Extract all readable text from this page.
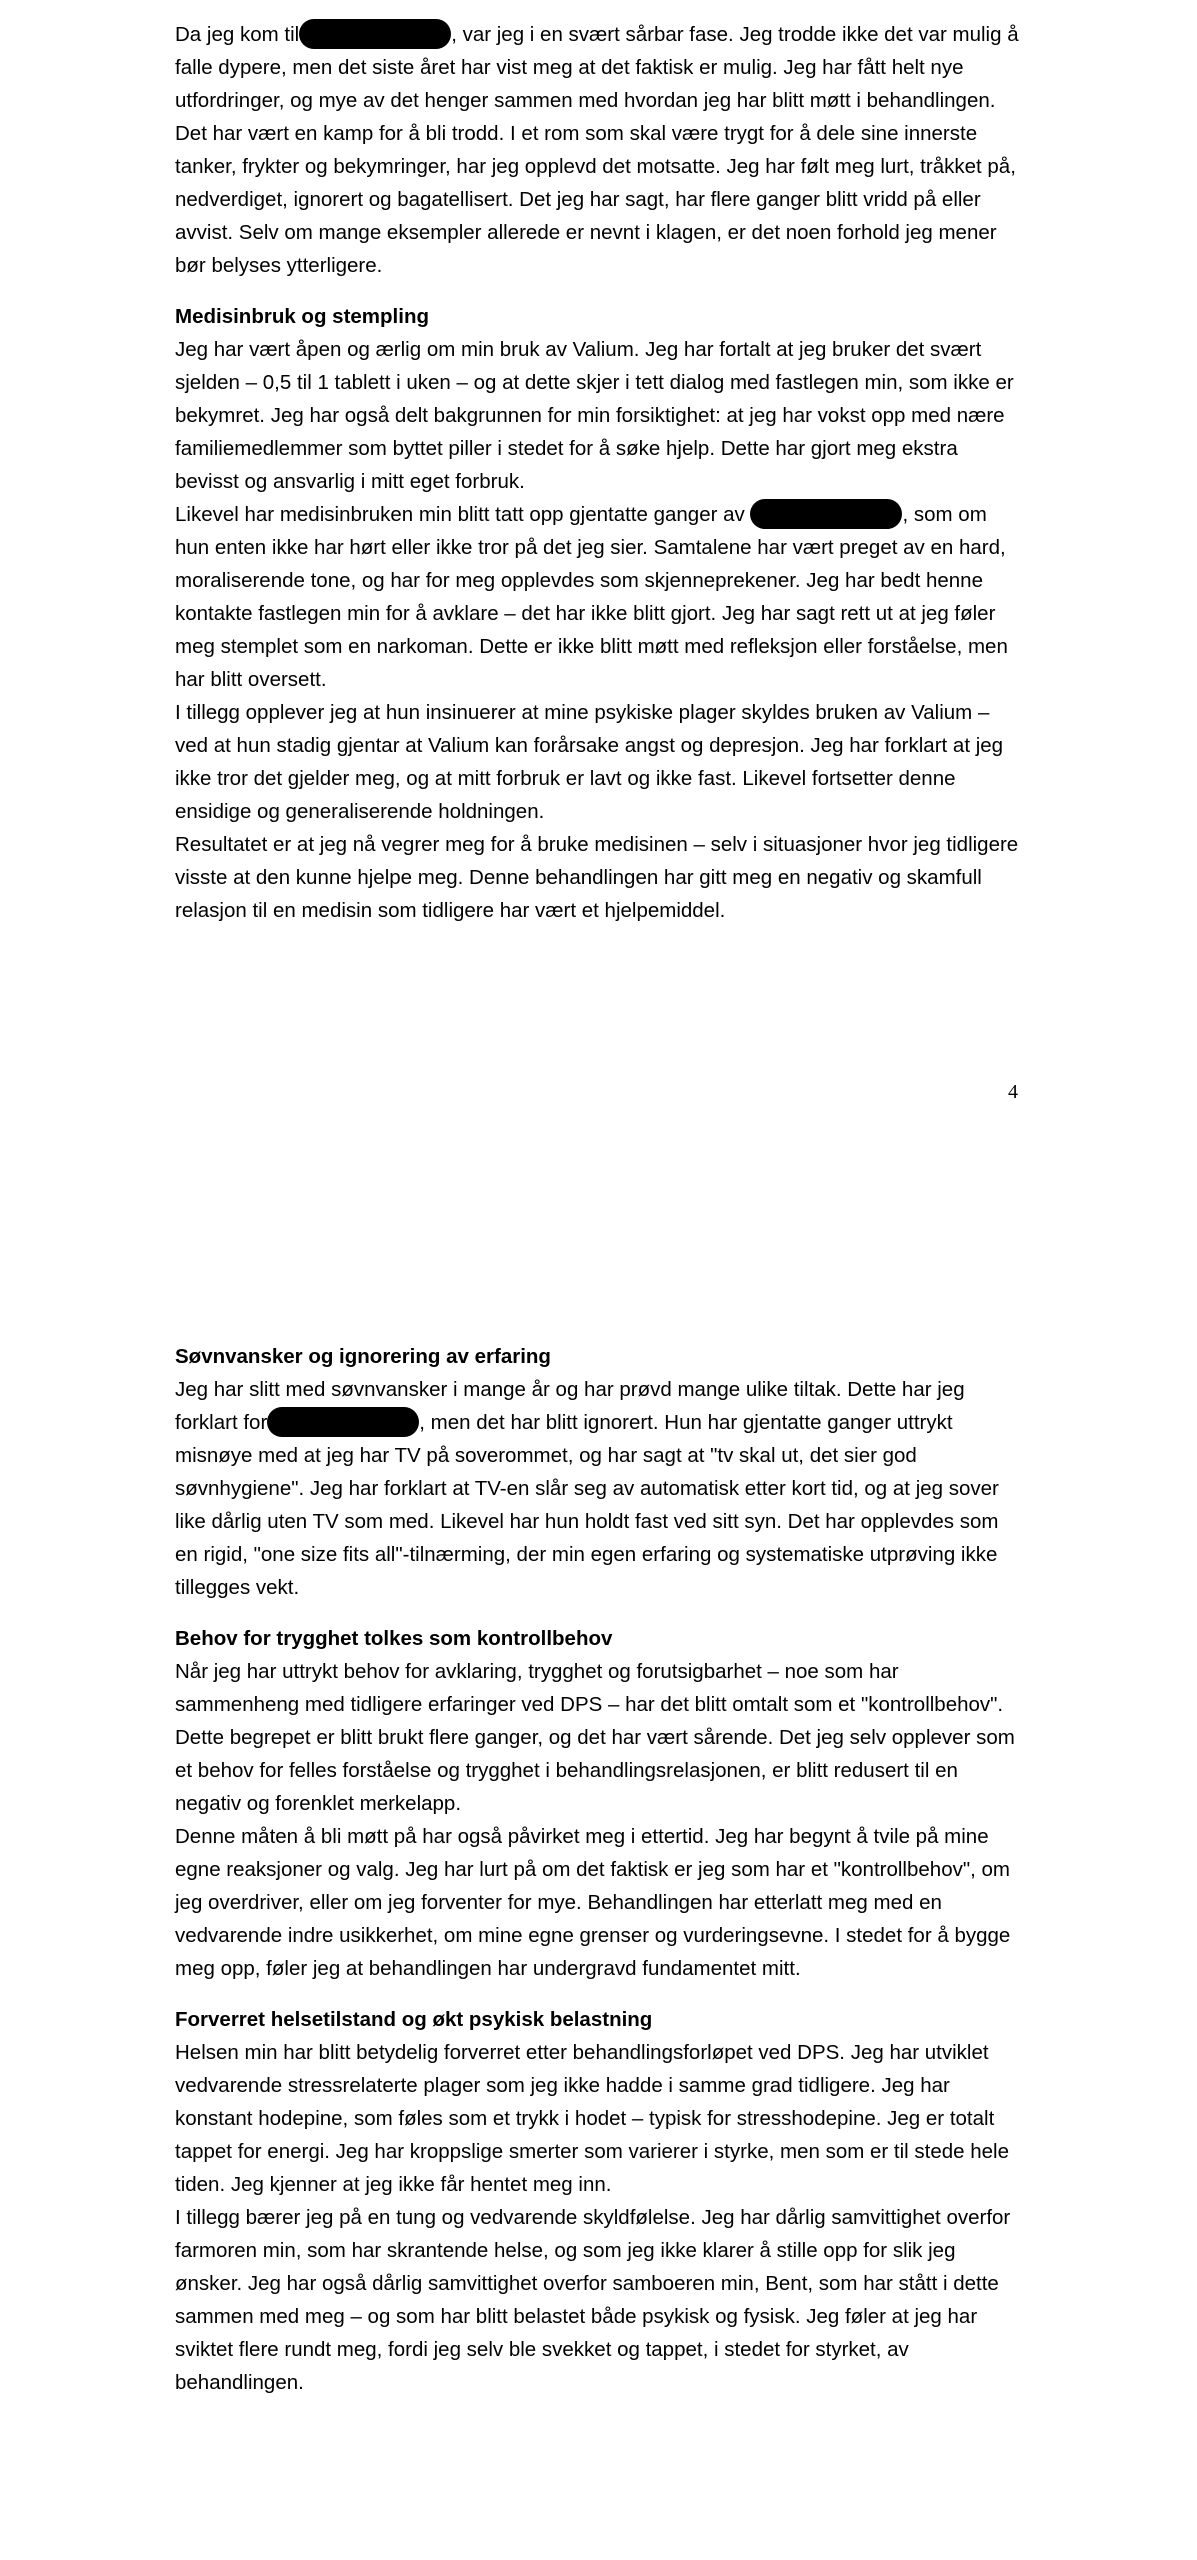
Da jeg kom til	, var jeg i en svært sårbar fase. Jeg trodde ikke det var mulig å falle dypere, men det siste året har vist meg at det faktisk er mulig. Jeg har fått helt nye utfordringer, og mye av det henger sammen med hvordan jeg har blitt møtt i behandlingen.

Det har vært en kamp for å bli trodd. I et rom som skal være trygt for å dele sine innerste tanker, frykter og bekymringer, har jeg opplevd det motsatte. Jeg har følt meg lurt, tråkket på, nedverdiget, ignorert og bagatellisert. Det jeg har sagt, har flere ganger blitt vridd på eller avvist. Selv om mange eksempler allerede er nevnt i klagen, er det noen forhold jeg mener bør belyses ytterligere.

Medisinbruk og stempling

Jeg har vært åpen og ærlig om min bruk av Valium. Jeg har fortalt at jeg bruker det svært sjelden – 0,5 til 1 tablett i uken – og at dette skjer i tett dialog med fastlegen min, som ikke er bekymret. Jeg har også delt bakgrunnen for min forsiktighet: at jeg har vokst opp med nære familiemedlemmer som byttet piller i stedet for å søke hjelp. Dette har gjort meg ekstra bevisst og ansvarlig i mitt eget forbruk.

Likevel har medisinbruken min blitt tatt opp gjentatte ganger av	, som om hun enten ikke har hørt eller ikke tror på det jeg sier. Samtalene har vært preget av en hard, moraliserende tone, og har for meg opplevdes som skjenneprekener. Jeg har bedt henne kontakte fastlegen min for å avklare – det har ikke blitt gjort. Jeg har sagt rett ut at jeg føler meg stemplet som en narkoman. Dette er ikke blitt møtt med refleksjon eller forståelse, men har blitt oversett.

I tillegg opplever jeg at hun insinuerer at mine psykiske plager skyldes bruken av Valium – ved at hun stadig gjentar at Valium kan forårsake angst og depresjon. Jeg har forklart at jeg ikke tror det gjelder meg, og at mitt forbruk er lavt og ikke fast. Likevel fortsetter denne ensidige og generaliserende holdningen.

Resultatet er at jeg nå vegrer meg for å bruke medisinen – selv i situasjoner hvor jeg tidligere visste at den kunne hjelpe meg. Denne behandlingen har gitt meg en negativ og skamfull relasjon til en medisin som tidligere har vært et hjelpemiddel.

4
Søvnvansker og ignorering av erfaring

Jeg har slitt med søvnvansker i mange år og har prøvd mange ulike tiltak. Dette har jeg forklart for	, men det har blitt ignorert. Hun har gjentatte ganger uttrykt misnøye med at jeg har TV på soverommet, og har sagt at "tv skal ut, det sier god søvnhygiene". Jeg har forklart at TV-en slår seg av automatisk etter kort tid, og at jeg sover like dårlig uten TV som med. Likevel har hun holdt fast ved sitt syn. Det har opplevdes som en rigid, "one size fits all"-tilnærming, der min egen erfaring og systematiske utprøving ikke tillegges vekt.

Behov for trygghet tolkes som kontrollbehov

Når jeg har uttrykt behov for avklaring, trygghet og forutsigbarhet – noe som har sammenheng med tidligere erfaringer ved DPS – har det blitt omtalt som et "kontrollbehov". Dette begrepet er blitt brukt flere ganger, og det har vært sårende. Det jeg selv opplever som et behov for felles forståelse og trygghet i behandlingsrelasjonen, er blitt redusert til en negativ og forenklet merkelapp.

Denne måten å bli møtt på har også påvirket meg i ettertid. Jeg har begynt å tvile på mine egne reaksjoner og valg. Jeg har lurt på om det faktisk er jeg som har et "kontrollbehov", om jeg overdriver, eller om jeg forventer for mye. Behandlingen har etterlatt meg med en vedvarende indre usikkerhet, om mine egne grenser og vurderingsevne. I stedet for å bygge meg opp, føler jeg at behandlingen har undergravd fundamentet mitt.

Forverret helsetilstand og økt psykisk belastning

Helsen min har blitt betydelig forverret etter behandlingsforløpet ved DPS. Jeg har utviklet vedvarende stressrelaterte plager som jeg ikke hadde i samme grad tidligere. Jeg har konstant hodepine, som føles som et trykk i hodet – typisk for stresshodepine. Jeg er totalt tappet for energi. Jeg har kroppslige smerter som varierer i styrke, men som er til stede hele tiden. Jeg kjenner at jeg ikke får hentet meg inn.

I tillegg bærer jeg på en tung og vedvarende skyldfølelse. Jeg har dårlig samvittighet overfor farmoren min, som har skrantende helse, og som jeg ikke klarer å stille opp for slik jeg ønsker. Jeg har også dårlig samvittighet overfor samboeren min, Bent, som har stått i dette sammen med meg – og som har blitt belastet både psykisk og fysisk. Jeg føler at jeg har sviktet flere rundt meg, fordi jeg selv ble svekket og tappet, i stedet for styrket, av behandlingen.
